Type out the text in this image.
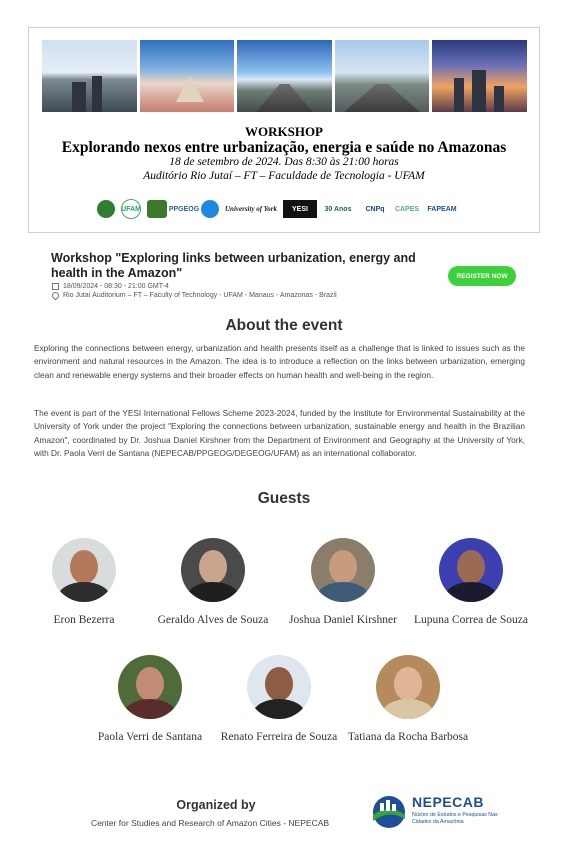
WORKSHOP
Explorando nexos entre urbanização, energia e saúde no Amazonas
18 de setembro de 2024. Das 8:30 às 21:00 horas
Auditório Rio Jutaí – FT – Faculdade de Tecnologia - UFAM
UFAM	PPGEOG	University of York	YESI	30 Anos	CNPq	CAPES	FAPEAM
Workshop "Exploring links between urbanization, energy and health in the Amazon"
18/09/2024 - 08:30 - 21:00 GMT-4
Rio Jutaí Auditorium – FT – Faculty of Technology - UFAM - Manaus - Amazonas - Brazil
REGISTER NOW
About the event
Exploring the connections between energy, urbanization and health presents itself as a challenge that is linked to issues such as the environment and natural resources in the Amazon. The idea is to introduce a reflection on the links between urbanization, emerging clean and renewable energy systems and their broader effects on human health and well-being in the region.
The event is part of the YESI International Fellows Scheme 2023-2024, funded by the Institute for Environmental Sustainability at the University of York under the project "Exploring the connections between urbanization, sustainable energy and health in the Brazilian Amazon", coordinated by Dr. Joshua Daniel Kirshner from the Department of Environment and Geography at the University of York, with Dr. Paola Verri de Santana (NEPECAB/PPGEOG/DEGEOG/UFAM) as an international collaborator.
Guests
Eron Bezerra	Geraldo Alves de Souza	Joshua Daniel Kirshner	Lupuna Correa de Souza
Paola Verri de Santana	Renato Ferreira de Souza Tatiana da Rocha Barbosa
Organized by
Center for Studies and Research of Amazon Cities - NEPECAB
NEPECAB
Núcleo de Estudos e Pesquisas Nas Cidades da Amazônia
